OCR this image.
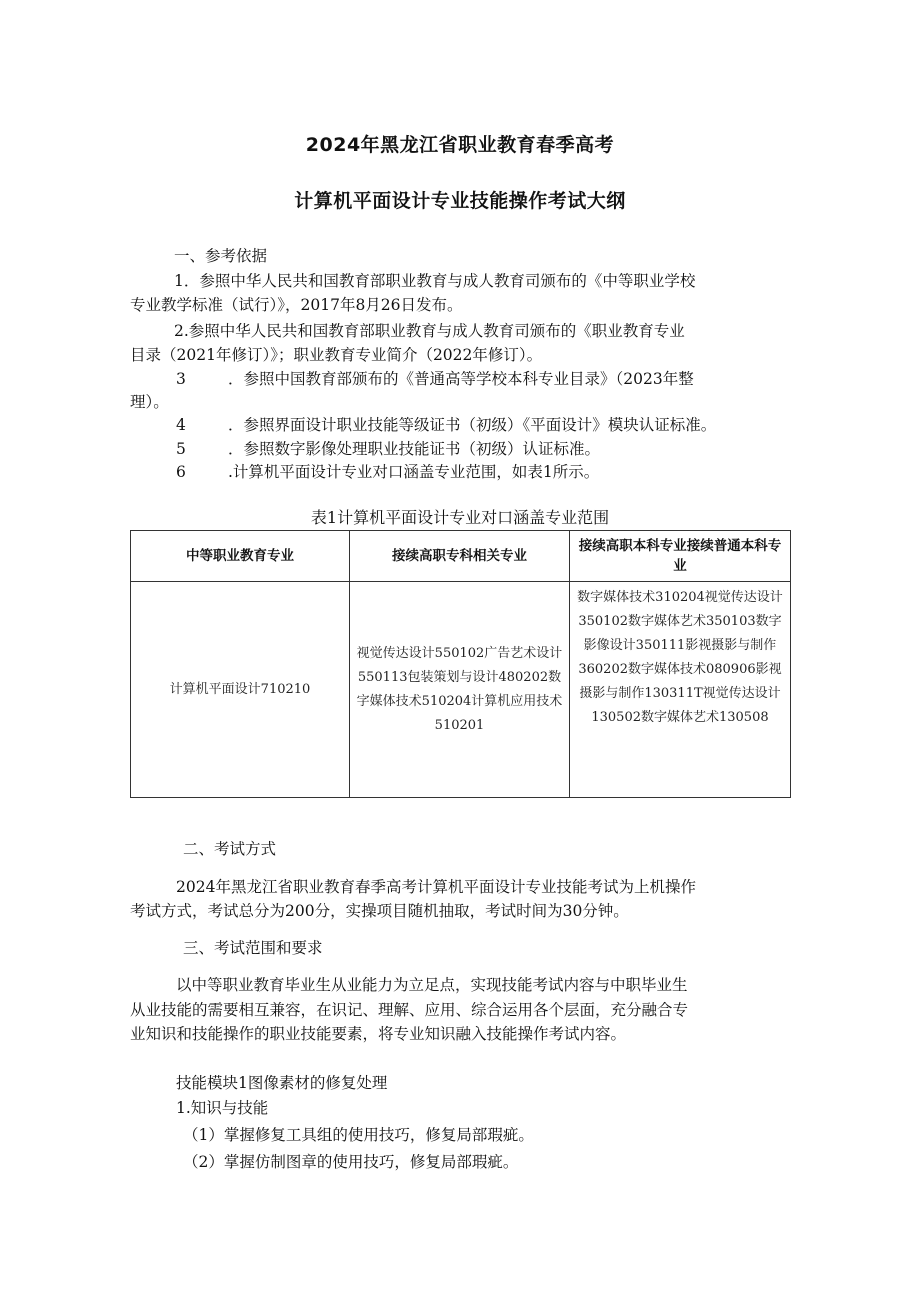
2024年黑龙江省职业教育春季高考
计算机平面设计专业技能操作考试大纲
一、参考依据
1．参照中华人民共和国教育部职业教育与成人教育司颁布的《中等职业学校
专业教学标准（试行）》，2017年8月26日发布。
2.参照中华人民共和国教育部职业教育与成人教育司颁布的《职业教育专业
目录（2021年修订）》；职业教育专业简介（2022年修订）。
3	．参照中国教育部颁布的《普通高等学校本科专业目录》（2023年整
理）。
4	．参照界面设计职业技能等级证书（初级）《平面设计》模块认证标准。
5	．参照数字影像处理职业技能证书（初级）认证标准。
6	.计算机平面设计专业对口涵盖专业范围，如表1所示。
表1计算机平面设计专业对口涵盖专业范围
中等职业教育专业	接续高职专科相关专业	接续高职本科专业接续普通本科专业
计算机平面设计710210	视觉传达设计550102广告艺术设计550113包装策划与设计480202数字媒体技术510204计算机应用技术510201	数字媒体技术310204视觉传达设计350102数字媒体艺术350103数字影像设计350111影视摄影与制作360202数字媒体技术080906影视摄影与制作130311T视觉传达设计130502数字媒体艺术130508
二、考试方式
2024年黑龙江省职业教育春季高考计算机平面设计专业技能考试为上机操作
考试方式，考试总分为200分，实操项目随机抽取，考试时间为30分钟。
三、考试范围和要求
以中等职业教育毕业生从业能力为立足点，实现技能考试内容与中职毕业生
从业技能的需要相互兼容，在识记、理解、应用、综合运用各个层面，充分融合专
业知识和技能操作的职业技能要素，将专业知识融入技能操作考试内容。
技能模块1图像素材的修复处理
1.知识与技能
（1）掌握修复工具组的使用技巧，修复局部瑕疵。
（2）掌握仿制图章的使用技巧，修复局部瑕疵。
